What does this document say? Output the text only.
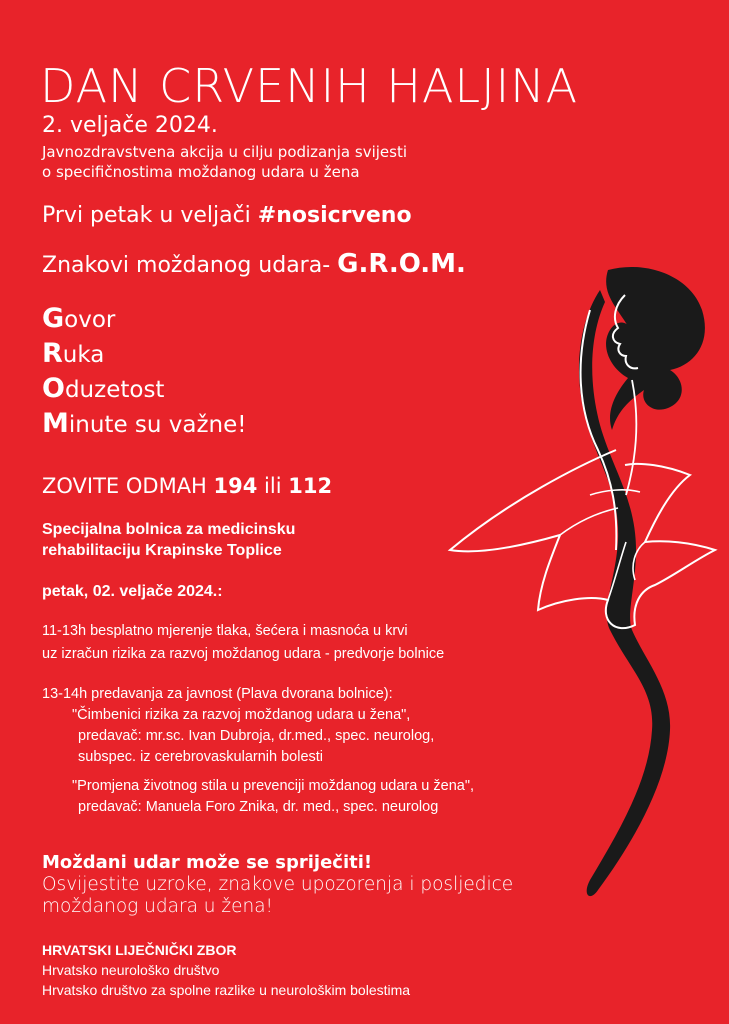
DAN CRVENIH HALJINA
2. veljače 2024.
Javnozdravstvena akcija u cilju podizanja svijesti
o specifičnostima moždanog udara u žena
Prvi petak u veljači #nosicrveno
Znakovi moždanog udara- G.R.O.M.
Govor
Ruka
Oduzetost
Minute su važne!
ZOVITE ODMAH 194 ili 112
Specijalna bolnica za medicinsku
rehabilitaciju Krapinske Toplice
petak, 02. veljače 2024.:
11-13h besplatno mjerenje tlaka, šećera i masnoća u krvi
uz izračun rizika za razvoj moždanog udara - predvorje bolnice
13-14h predavanja za javnost (Plava dvorana bolnice):
"Čimbenici rizika za razvoj moždanog udara u žena",
predavač: mr.sc. Ivan Dubroja, dr.med., spec. neurolog,
subspec. iz cerebrovaskularnih bolesti
"Promjena životnog stila u prevenciji moždanog udara u žena",
predavač: Manuela Foro Znika, dr. med., spec. neurolog
Moždani udar može se spriječiti!
Osvijestite uzroke, znakove upozorenja i posljedice
moždanog udara u žena!
HRVATSKI LIJEČNIČKI ZBOR
Hrvatsko neurološko društvo
Hrvatsko društvo za spolne razlike u neurološkim bolestima
